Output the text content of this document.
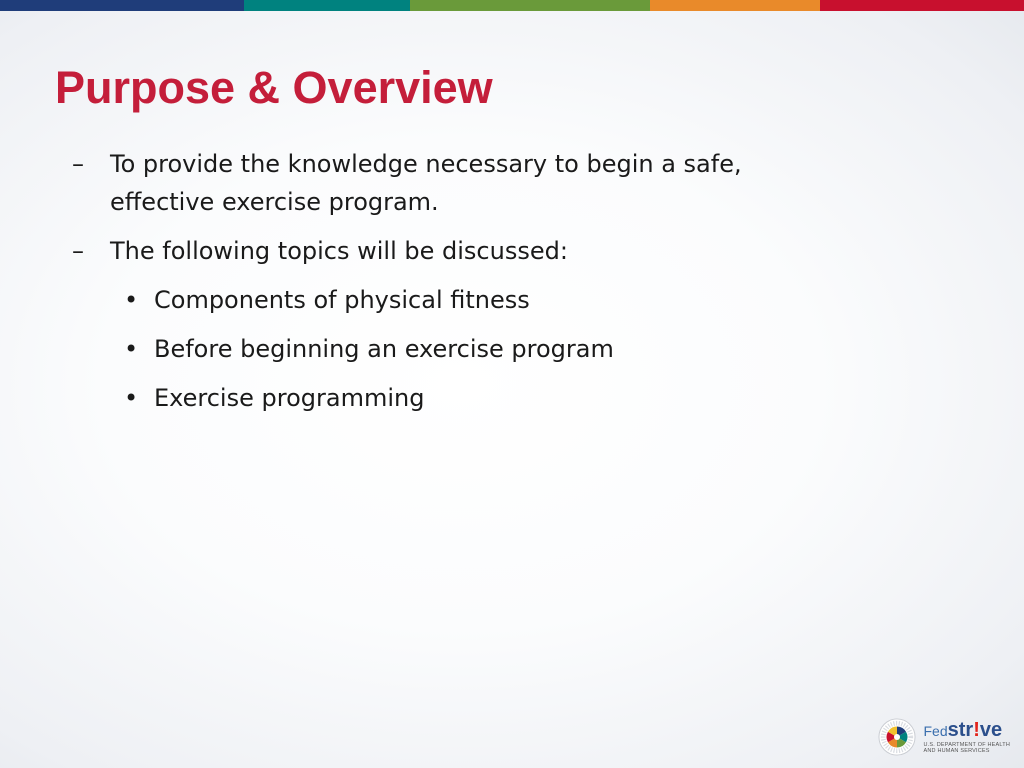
Purpose & Overview
– To provide the knowledge necessary to begin a safe, effective exercise program.
– The following topics will be discussed:
• Components of physical fitness
• Before beginning an exercise program
• Exercise programming
Fedstr!ve
U.S. DEPARTMENT OF HEALTH
AND HUMAN SERVICES
